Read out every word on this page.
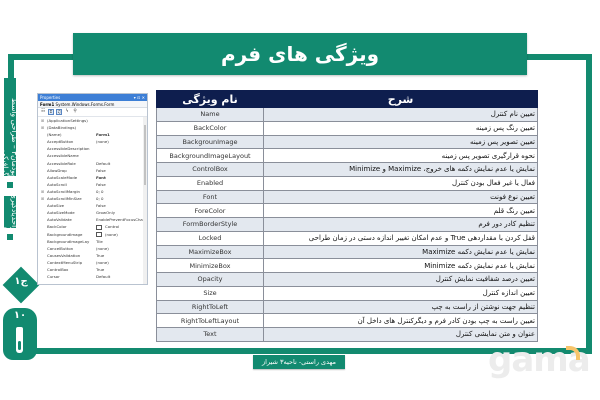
ویژگی های فرم
پودمان۳ – طراحی واسط گرافیکی
واحدیادگیری ۵
۱ج
۱۰
Properties	▾ ⊡ ✕
Form1 System.Windows.Forms.Form
☷ ↕ ♫ ϟ	⚲
⊞ (ApplicationSettings)
⊞ (DataBindings)
(Name)	Form1
AcceptButton	(none)
AccessibleDescription
AccessibleName
AccessibleRole	Default
AllowDrop	False
AutoScaleMode	Font
AutoScroll	False
⊞ AutoScrollMargin	0; 0
⊞ AutoScrollMinSize	0; 0
AutoSize	False
AutoSizeMode	GrowOnly
AutoValidate	EnablePreventFocusCha
BackColor	Control
BackgroundImage	(none)
BackgroundImageLay	Tile
CancelButton	(none)
CausesValidation	True
ContextMenuStrip	(none)
ControlBox	True
Cursor	Default
نام ویژگی	شرح
Name	تعیین نام کنترل
BackColor	تعیین رنگ پس زمینه
BackgrounImage	تعیین تصویر پس زمینه
BackgroundImageLayout	نحوه قرارگیری تصویر پس زمینه
ControlBox	نمایش یا عدم نمایش دکمه های خروج، Maximize و Minimize
Enabled	فعال یا غیر فعال بودن کنترل
Font	تعیین نوع فونت
ForeColor	تعیین رنگ قلم
FormBorderStyle	تنظیم کادر دور فرم
Locked	قفل کردن با مقداردهی True و عدم امکان تغییر اندازه دستی در زمان طراحی
MaximizeBox	نمایش یا عدم نمایش دکمه Maximize
MinimizeBox	نمایش یا عدم نمایش دکمه Minimize
Opacity	تعیین درصد شفافیت نمایش کنترل
Size	تعیین اندازه کنترل
RightToLeft	تنظیم جهت نوشتن از راست به چپ
RightToLeftLayout	تعیین راست به چپ بودن کادر فرم و دیگرکنترل های داخل آن
Text	عنوان و متن نمایشی کنترل
مهدی راستی- ناحیه۳ شیراز	gama
